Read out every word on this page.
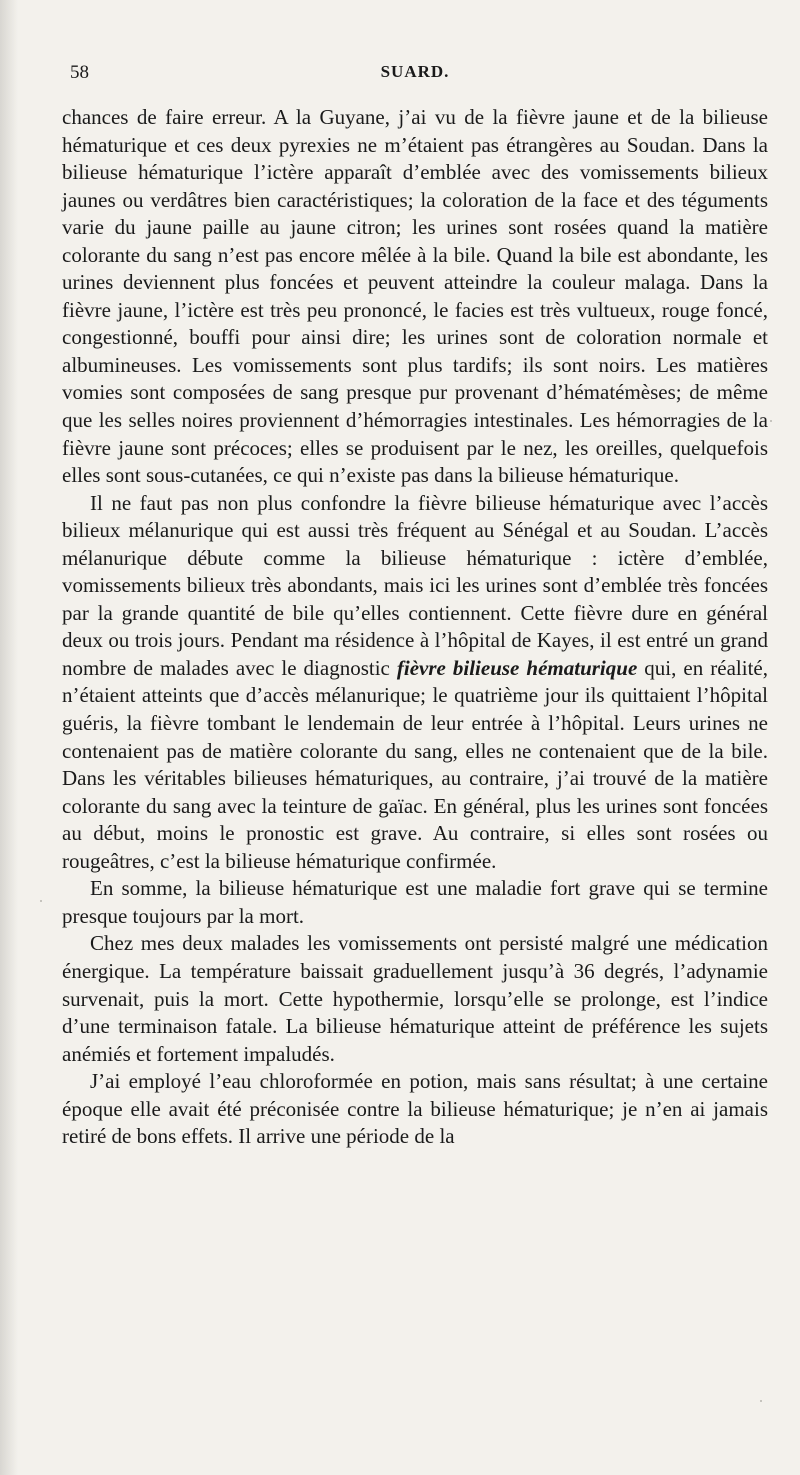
58	SUARD.

chances de faire erreur. A la Guyane, j’ai vu de la fièvre jaune et de la bilieuse hématurique et ces deux pyrexies ne m’étaient pas étrangères au Soudan. Dans la bilieuse hématurique l’ictère apparaît d’emblée avec des vomissements bilieux jaunes ou verdâtres bien caractéristiques; la coloration de la face et des téguments varie du jaune paille au jaune citron; les urines sont rosées quand la matière colorante du sang n’est pas encore mêlée à la bile. Quand la bile est abondante, les urines deviennent plus foncées et peuvent atteindre la couleur malaga. Dans la fièvre jaune, l’ictère est très peu prononcé, le facies est très vultueux, rouge foncé, congestionné, bouffi pour ainsi dire; les urines sont de coloration normale et albumineuses. Les vomissements sont plus tardifs; ils sont noirs. Les matières vomies sont composées de sang presque pur provenant d’hématémèses; de même que les selles noires proviennent d’hémorragies intestinales. Les hémorragies de la fièvre jaune sont précoces; elles se produisent par le nez, les oreilles, quelquefois elles sont sous-cutanées, ce qui n’existe pas dans la bilieuse hématurique.

Il ne faut pas non plus confondre la fièvre bilieuse hématurique avec l’accès bilieux mélanurique qui est aussi très fréquent au Sénégal et au Soudan. L’accès mélanurique débute comme la bilieuse hématurique : ictère d’emblée, vomissements bilieux très abondants, mais ici les urines sont d’emblée très foncées par la grande quantité de bile qu’elles contiennent. Cette fièvre dure en général deux ou trois jours. Pendant ma résidence à l’hôpital de Kayes, il est entré un grand nombre de malades avec le diagnostic fièvre bilieuse hématurique qui, en réalité, n’étaient atteints que d’accès mélanurique; le quatrième jour ils quittaient l’hôpital guéris, la fièvre tombant le lendemain de leur entrée à l’hôpital. Leurs urines ne contenaient pas de matière colorante du sang, elles ne contenaient que de la bile. Dans les véritables bilieuses hématuriques, au contraire, j’ai trouvé de la matière colorante du sang avec la teinture de gaïac. En général, plus les urines sont foncées au début, moins le pronostic est grave. Au contraire, si elles sont rosées ou rougeâtres, c’est la bilieuse hématurique confirmée.

En somme, la bilieuse hématurique est une maladie fort grave qui se termine presque toujours par la mort.

Chez mes deux malades les vomissements ont persisté malgré une médication énergique. La température baissait graduellement jusqu’à 36 degrés, l’adynamie survenait, puis la mort. Cette hypothermie, lorsqu’elle se prolonge, est l’indice d’une terminaison fatale. La bilieuse hématurique atteint de préférence les sujets anémiés et fortement impaludés.

J’ai employé l’eau chloroformée en potion, mais sans résultat; à une certaine époque elle avait été préconisée contre la bilieuse hématurique; je n’en ai jamais retiré de bons effets. Il arrive une période de la
